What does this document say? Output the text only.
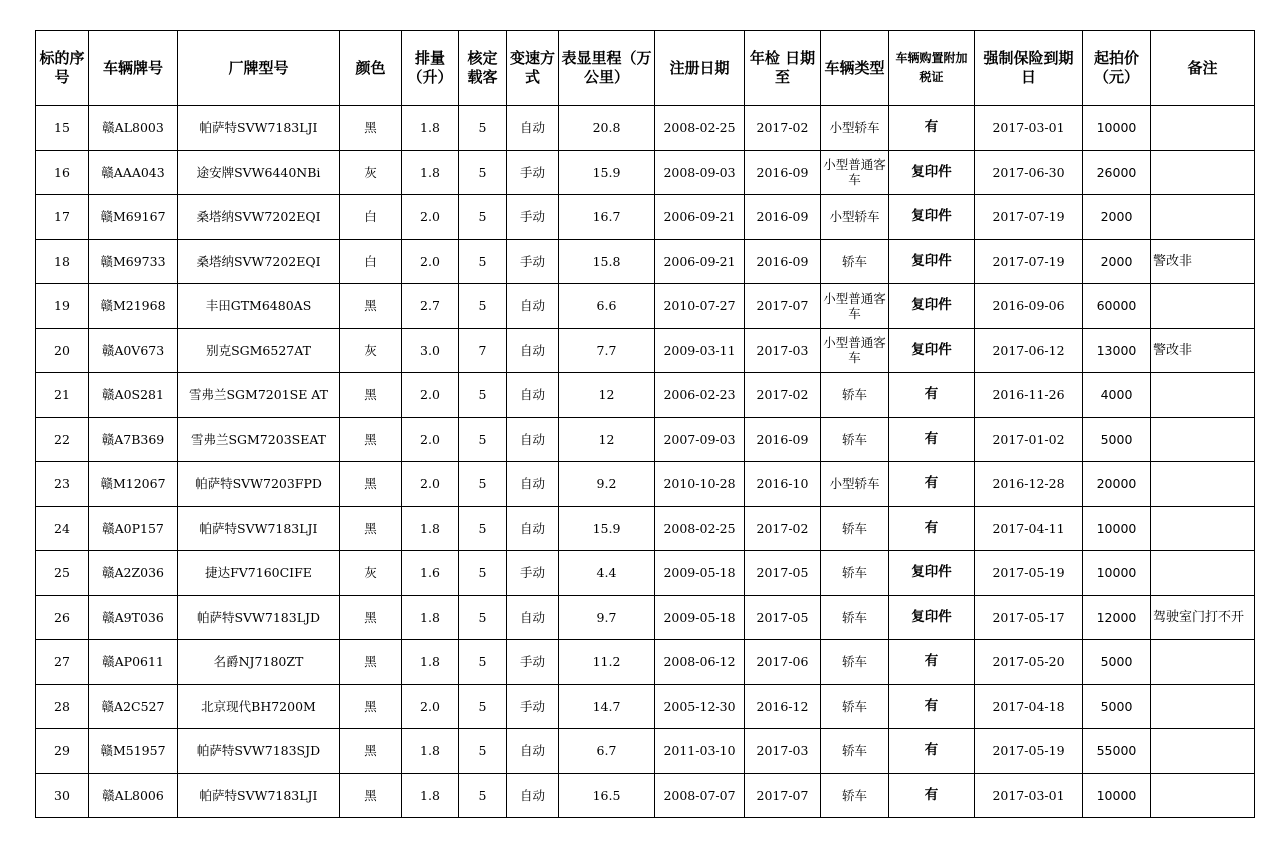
标的序号	车辆牌号	厂牌型号	颜色	排量（升）	核定载客	变速方式	表显里程（万公里）	注册日期	年检 日期至	车辆类型	车辆购置附加税证	强制保险到期日	起拍价（元）	备注
15	赣AL8003	帕萨特SVW7183LJI	黑	1.8	5	自动	20.8	2008-02-25	2017-02	小型轿车	有	2017-03-01	10000	
16	赣AAA043	途安牌SVW6440NBi	灰	1.8	5	手动	15.9	2008-09-03	2016-09	小型普通客车	复印件	2017-06-30	26000	
17	赣M69167	桑塔纳SVW7202EQI	白	2.0	5	手动	16.7	2006-09-21	2016-09	小型轿车	复印件	2017-07-19	2000	
18	赣M69733	桑塔纳SVW7202EQI	白	2.0	5	手动	15.8	2006-09-21	2016-09	轿车	复印件	2017-07-19	2000	警改非
19	赣M21968	丰田GTM6480AS	黑	2.7	5	自动	6.6	2010-07-27	2017-07	小型普通客车	复印件	2016-09-06	60000	
20	赣A0V673	别克SGM6527AT	灰	3.0	7	自动	7.7	2009-03-11	2017-03	小型普通客车	复印件	2017-06-12	13000	警改非
21	赣A0S281	雪弗兰SGM7201SE AT	黑	2.0	5	自动	12	2006-02-23	2017-02	轿车	有	2016-11-26	4000	
22	赣A7B369	雪弗兰SGM7203SEAT	黑	2.0	5	自动	12	2007-09-03	2016-09	轿车	有	2017-01-02	5000	
23	赣M12067	帕萨特SVW7203FPD	黑	2.0	5	自动	9.2	2010-10-28	2016-10	小型轿车	有	2016-12-28	20000	
24	赣A0P157	帕萨特SVW7183LJI	黑	1.8	5	自动	15.9	2008-02-25	2017-02	轿车	有	2017-04-11	10000	
25	赣A2Z036	捷达FV7160CIFE	灰	1.6	5	手动	4.4	2009-05-18	2017-05	轿车	复印件	2017-05-19	10000	
26	赣A9T036	帕萨特SVW7183LJD	黑	1.8	5	自动	9.7	2009-05-18	2017-05	轿车	复印件	2017-05-17	12000	驾驶室门打不开
27	赣AP0611	名爵NJ7180ZT	黑	1.8	5	手动	11.2	2008-06-12	2017-06	轿车	有	2017-05-20	5000	
28	赣A2C527	北京现代BH7200M	黑	2.0	5	手动	14.7	2005-12-30	2016-12	轿车	有	2017-04-18	5000	
29	赣M51957	帕萨特SVW7183SJD	黑	1.8	5	自动	6.7	2011-03-10	2017-03	轿车	有	2017-05-19	55000	
30	赣AL8006	帕萨特SVW7183LJI	黑	1.8	5	自动	16.5	2008-07-07	2017-07	轿车	有	2017-03-01	10000	
